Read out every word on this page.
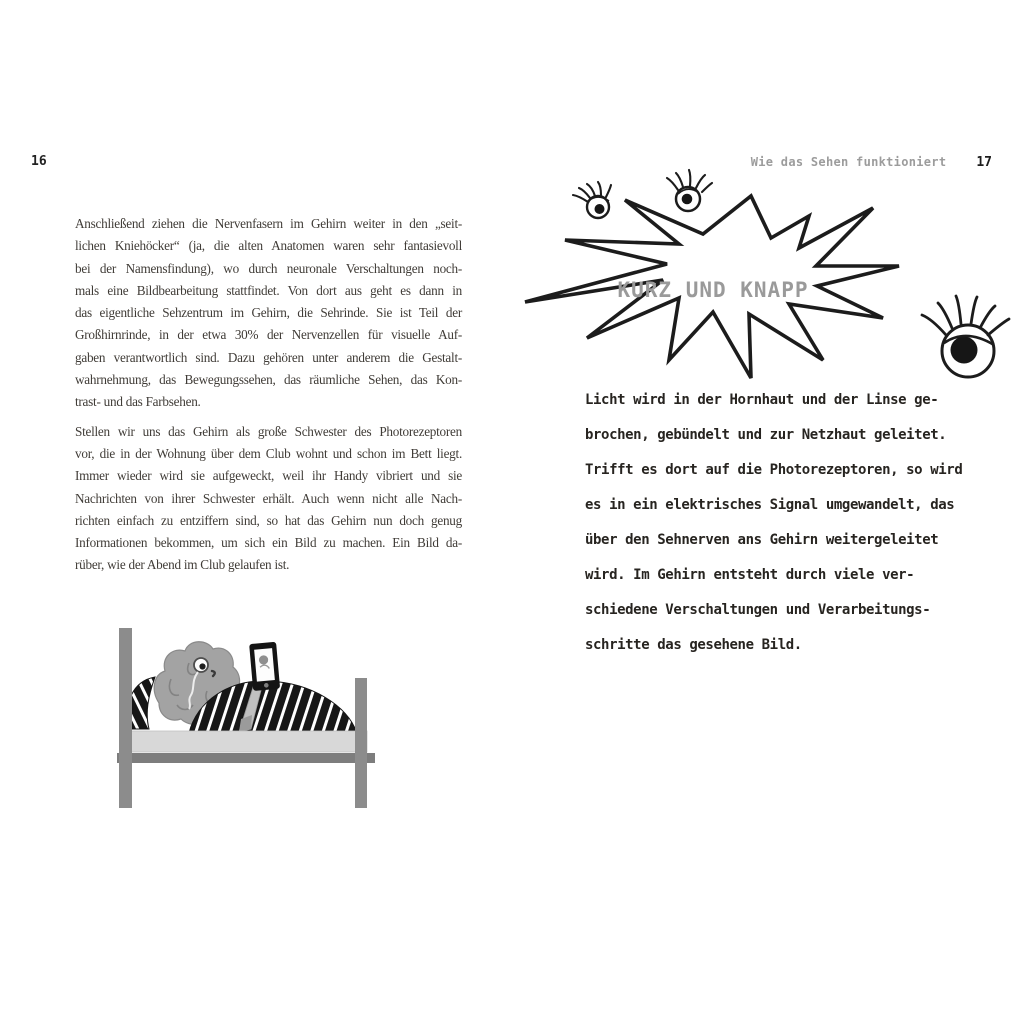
16	Wie das Sehen funktioniert 17
Anschließend ziehen die Nervenfasern im Gehirn weiter in den „seit-
lichen Kniehöcker“ (ja, die alten Anatomen waren sehr fantasievoll
bei der Namensfindung), wo durch neuronale Verschaltungen noch-
mals eine Bildbearbeitung stattfindet. Von dort aus geht es dann in
das eigentliche Sehzentrum im Gehirn, die Sehrinde. Sie ist Teil der
Großhirnrinde, in der etwa 30% der Nervenzellen für visuelle Auf-
gaben verantwortlich sind. Dazu gehören unter anderem die Gestalt-
wahrnehmung, das Bewegungssehen, das räumliche Sehen, das Kon-
trast- und das Farbsehen.
Stellen wir uns das Gehirn als große Schwester des Photorezeptoren
vor, die in der Wohnung über dem Club wohnt und schon im Bett liegt.
Immer wieder wird sie aufgeweckt, weil ihr Handy vibriert und sie
Nachrichten von ihrer Schwester erhält. Auch wenn nicht alle Nach-
richten einfach zu entziffern sind, so hat das Gehirn nun doch genug
Informationen bekommen, um sich ein Bild zu machen. Ein Bild da-
rüber, wie der Abend im Club gelaufen ist.
KURZ UND KNAPP
Licht wird in der Hornhaut und der Linse ge-
brochen, gebündelt und zur Netzhaut geleitet.
Trifft es dort auf die Photorezeptoren, so wird
es in ein elektrisches Signal umgewandelt, das
über den Sehnerven ans Gehirn weitergeleitet
wird. Im Gehirn entsteht durch viele ver-
schiedene Verschaltungen und Verarbeitungs-
schritte das gesehene Bild.
